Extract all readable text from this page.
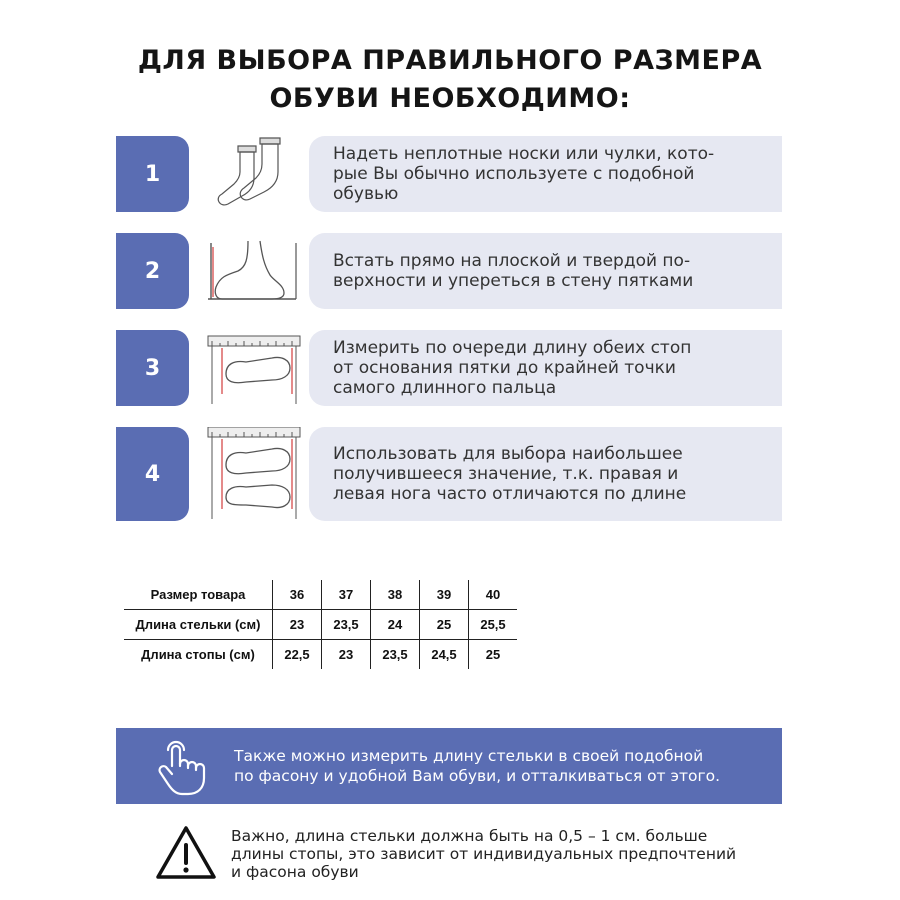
ДЛЯ ВЫБОРА ПРАВИЛЬНОГО РАЗМЕРА
ОБУВИ НЕОБХОДИМО:
1
Надеть неплотные носки или чулки, кото-
рые Вы обычно используете с подобной
обувью
2	Встать прямо на плоской и твердой по-
верхности и упереться в стену пятками
3
Измерить по очереди длину обеих стоп
от основания пятки до крайней точки
самого длинного пальца
4
Использовать для выбора наибольшее
получившееся значение, т.к. правая и
левая нога часто отличаются по длине
Размер товара	36	37	38	39	40
Длина стельки (см)	23	23,5	24	25	25,5
Длина стопы (см)	22,5	23	23,5	24,5	25
Также можно измерить длину стельки в своей подобной
по фасону и удобной Вам обуви, и отталкиваться от этого.
Важно, длина стельки должна быть на 0,5 – 1 см. больше
длины стопы, это зависит от индивидуальных предпочтений
и фасона обуви
